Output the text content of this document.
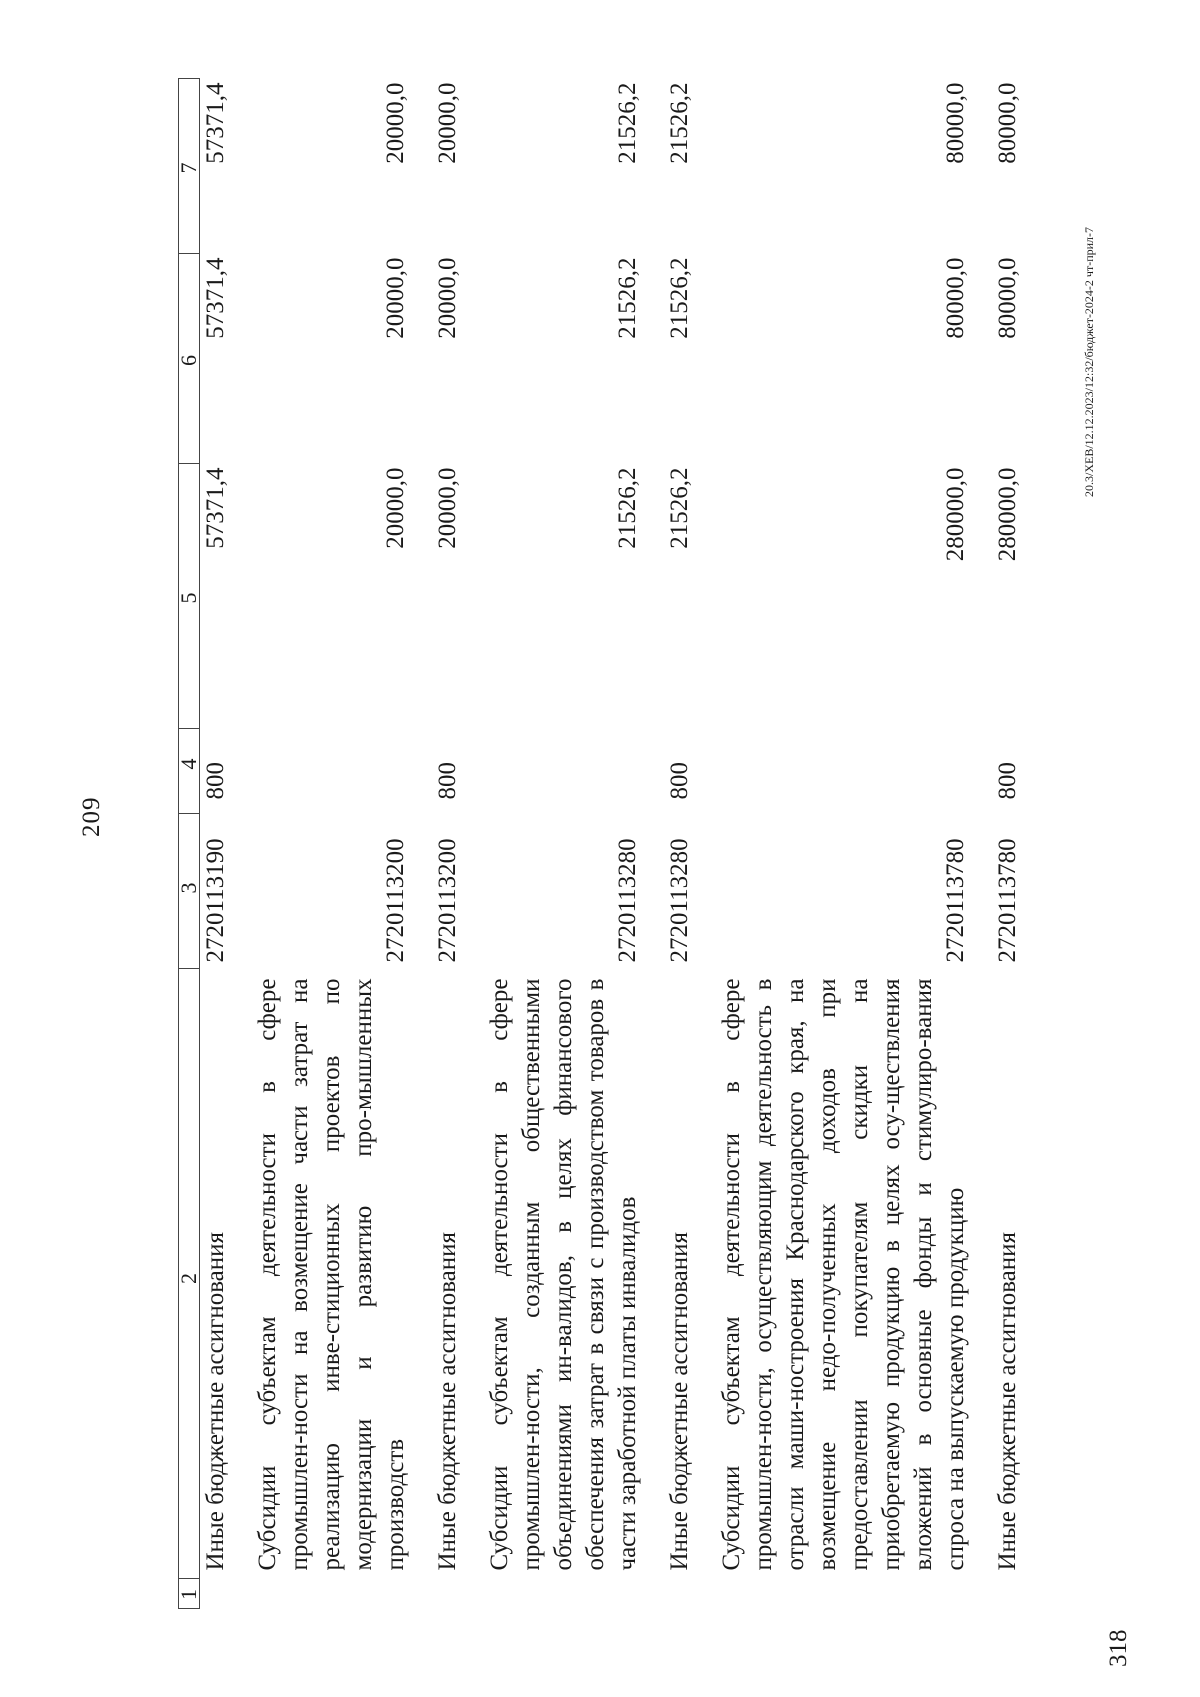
209
1	2	3	4	5	6	7
	Иные бюджетные ассигнования	2720113190	800	57371,4	57371,4	57371,4

	Субсидии субъектам деятельности в сфере промышлен-ности на возмещение части затрат на реализацию инве-стиционных проектов по модернизации и развитию про-мышленных производств	2720113200		20000,0	20000,0	20000,0

	Иные бюджетные ассигнования	2720113200	800	20000,0	20000,0	20000,0

	Субсидии субъектам деятельности в сфере промышлен-ности, созданным общественными объединениями ин-валидов, в целях финансового обеспечения затрат в связи с производством товаров в части заработной платы инвалидов	2720113280		21526,2	21526,2	21526,2

	Иные бюджетные ассигнования	2720113280	800	21526,2	21526,2	21526,2

	Субсидии субъектам деятельности в сфере промышлен-ности, осуществляющим деятельность в отрасли маши-ностроения Краснодарского края, на возмещение недо-полученных доходов при предоставлении покупателям скидки на приобретаемую продукцию в целях осу-ществления вложений в основные фонды и стимулиро-вания спроса на выпускаемую продукцию	2720113780		280000,0	80000,0	80000,0

	Иные бюджетные ассигнования	2720113780	800	280000,0	80000,0	80000,0
20.3/XEB/12.12.2023/12:32/бюджет-2024-2 чт-прил-7
318
